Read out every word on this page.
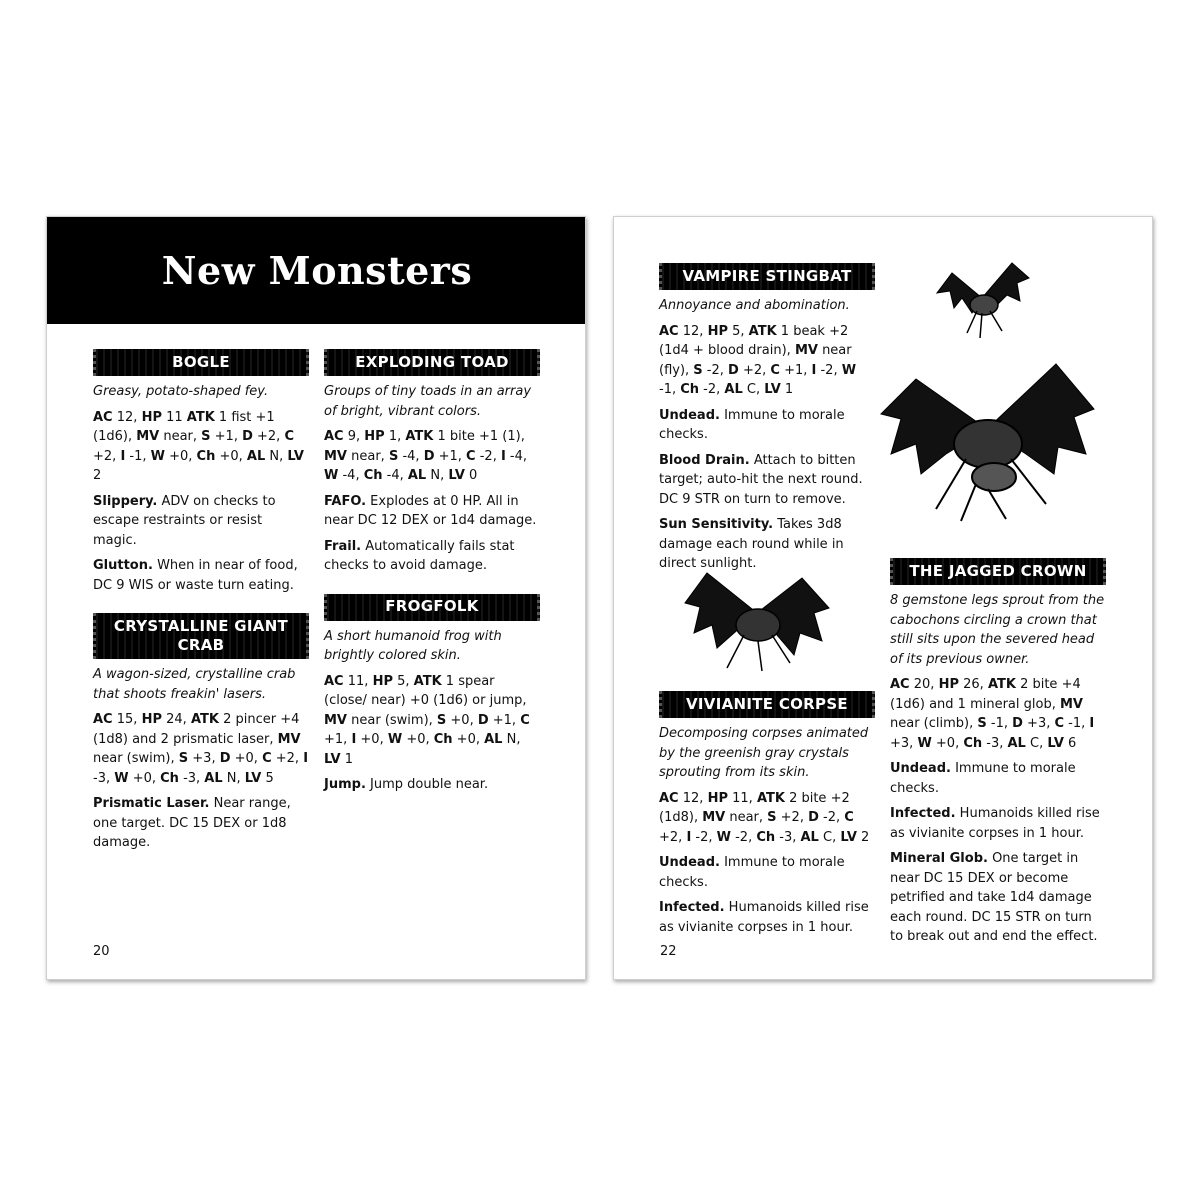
New Monsters
BOGLE

Greasy, potato-shaped fey.

AC 12, HP 11 ATK 1 fist +1 (1d6), MV near, S +1, D +2, C +2, I -1, W +0, Ch +0, AL N, LV 2

Slippery. ADV on checks to escape restraints or resist magic.

Glutton. When in near of food, DC 9 WIS or waste turn eating.

CRYSTALLINE GIANT CRAB

A wagon-sized, crystalline crab that shoots freakin' lasers.

AC 15, HP 24, ATK 2 pincer +4 (1d8) and 2 prismatic laser, MV near (swim), S +3, D +0, C +2, I -3, W +0, Ch -3, AL N, LV 5

Prismatic Laser. Near range, one target. DC 15 DEX or 1d8 damage.

EXPLODING TOAD

Groups of tiny toads in an array of bright, vibrant colors.

AC 9, HP 1, ATK 1 bite +1 (1), MV near, S -4, D +1, C -2, I -4, W -4, Ch -4, AL N, LV 0

FAFO. Explodes at 0 HP. All in near DC 12 DEX or 1d4 damage.

Frail. Automatically fails stat checks to avoid damage.

FROGFOLK

A short humanoid frog with brightly colored skin.

AC 11, HP 5, ATK 1 spear (close/ near) +0 (1d6) or jump, MV near (swim), S +0, D +1, C +1, I +0, W +0, Ch +0, AL N, LV 1

Jump. Jump double near.

20
VAMPIRE STINGBAT

Annoyance and abomination.

AC 12, HP 5, ATK 1 beak +2 (1d4 + blood drain), MV near (fly), S -2, D +2, C +1, I -2, W -1, Ch -2, AL C, LV 1

Undead. Immune to morale checks.

Blood Drain. Attach to bitten target; auto-hit the next round. DC 9 STR on turn to remove.

Sun Sensitivity. Takes 3d8 damage each round while in direct sunlight.

VIVIANITE CORPSE

Decomposing corpses animated by the greenish gray crystals sprouting from its skin.

AC 12, HP 11, ATK 2 bite +2 (1d8), MV near, S +2, D -2, C +2, I -2, W -2, Ch -3, AL C, LV 2

Undead. Immune to morale checks.

Infected. Humanoids killed rise as vivianite corpses in 1 hour.

THE JAGGED CROWN

8 gemstone legs sprout from the cabochons circling a crown that still sits upon the severed head of its previous owner.

AC 20, HP 26, ATK 2 bite +4 (1d6) and 1 mineral glob, MV near (climb), S -1, D +3, C -1, I +3, W +0, Ch -3, AL C, LV 6

Undead. Immune to morale checks.

Infected. Humanoids killed rise as vivianite corpses in 1 hour.

Mineral Glob. One target in near DC 15 DEX or become petrified and take 1d4 damage each round. DC 15 STR on turn to break out and end the effect.

22
